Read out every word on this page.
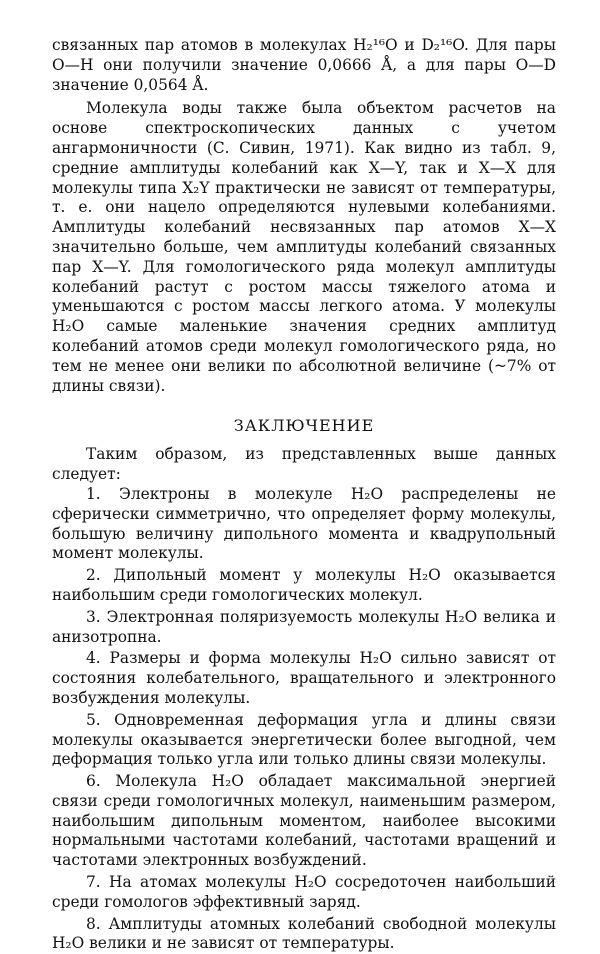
связанных пар атомов в молекулах H₂¹⁶O и D₂¹⁶O. Для пары O—H они получили значение 0,0666 Å, а для пары O—D значение 0,0564 Å.

Молекула воды также была объектом расчетов на основе спектроскопических данных с учетом ангармоничности (С. Сивин, 1971). Как видно из табл. 9, средние амплитуды колебаний как X—Y, так и X—X для молекулы типа X₂Y практически не зависят от температуры, т. е. они нацело определяются нулевыми колебаниями. Амплитуды колебаний несвязанных пар атомов X—X значительно больше, чем амплитуды колебаний связанных пар X—Y. Для гомологического ряда молекул амплитуды колебаний растут с ростом массы тяжелого атома и уменьшаются с ростом массы легкого атома. У молекулы H₂O самые маленькие значения средних амплитуд колебаний атомов среди молекул гомологического ряда, но тем не менее они велики по абсолютной величине (~7% от длины связи).

ЗАКЛЮЧЕНИЕ

Таким образом, из представленных выше данных следует:

1. Электроны в молекуле H₂O распределены не сферически симметрично, что определяет форму молекулы, большую величину дипольного момента и квадрупольный момент молекулы.

2. Дипольный момент у молекулы H₂O оказывается наибольшим среди гомологических молекул.

3. Электронная поляризуемость молекулы H₂O велика и анизотропна.

4. Размеры и форма молекулы H₂O сильно зависят от состояния колебательного, вращательного и электронного возбуждения молекулы.

5. Одновременная деформация угла и длины связи молекулы оказывается энергетически более выгодной, чем деформация только угла или только длины связи молекулы.

6. Молекула H₂O обладает максимальной энергией связи среди гомологичных молекул, наименьшим размером, наибольшим дипольным моментом, наиболее высокими нормальными частотами колебаний, частотами вращений и частотами электронных возбуждений.

7. На атомах молекулы H₂O сосредоточен наибольший среди гомологов эффективный заряд.

8. Амплитуды атомных колебаний свободной молекулы H₂O велики и не зависят от температуры.
